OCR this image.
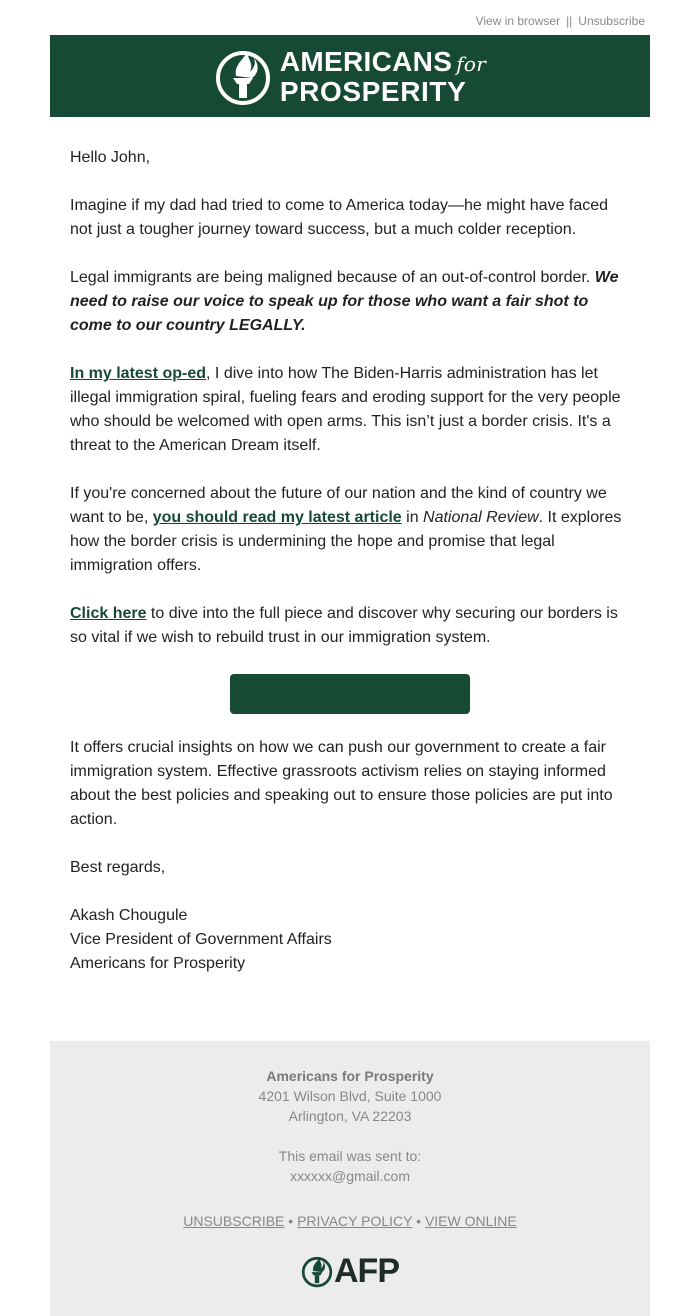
View in browser || Unsubscribe
AMERICANS for
PROSPERITY

Hello John,

Imagine if my dad had tried to come to America today—he might have faced not just a tougher journey toward success, but a much colder reception.

Legal immigrants are being maligned because of an out-of-control border. We need to raise our voice to speak up for those who want a fair shot to come to our country LEGALLY.

In my latest op-ed, I dive into how The Biden-Harris administration has let illegal immigration spiral, fueling fears and eroding support for the very people who should be welcomed with open arms. This isn’t just a border crisis. It's a threat to the American Dream itself.

If you're concerned about the future of our nation and the kind of country we want to be, you should read my latest article in National Review. It explores how the border crisis is undermining the hope and promise that legal immigration offers.

Click here to dive into the full piece and discover why securing our borders is so vital if we wish to rebuild trust in our immigration system.

READ THE OP-ED NOW

It offers crucial insights on how we can push our government to create a fair immigration system. Effective grassroots activism relies on staying informed about the best policies and speaking out to ensure those policies are put into action.

Best regards,

Akash Chougule

Vice President of Government Affairs

Americans for Prosperity

Americans for Prosperity
4201 Wilson Blvd, Suite 1000
Arlington, VA 22203
This email was sent to:
xxxxxx@gmail.com
UNSUBSCRIBE • PRIVACY POLICY • VIEW ONLINE
AFP
